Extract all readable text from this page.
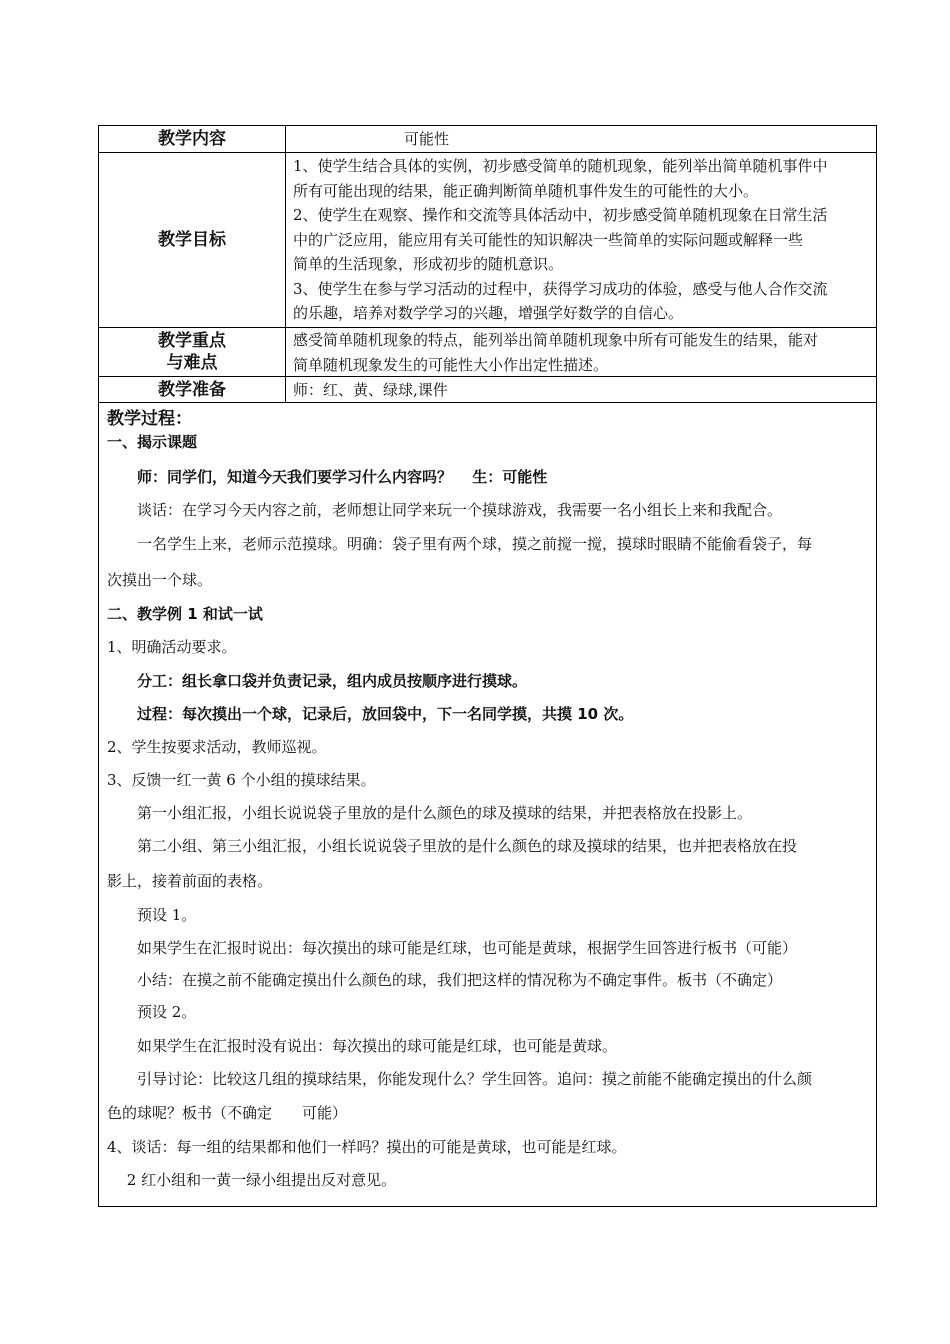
教学内容	可能性
教学目标

1、使学生结合具体的实例，初步感受简单的随机现象，能列举出简单随机事件中

所有可能出现的结果，能正确判断简单随机事件发生的可能性的大小。

2、使学生在观察、操作和交流等具体活动中，初步感受简单随机现象在日常生活

中的广泛应用，能应用有关可能性的知识解决一些简单的实际问题或解释一些

简单的生活现象，形成初步的随机意识。

3、使学生在参与学习活动的过程中，获得学习成功的体验，感受与他人合作交流

的乐趣，培养对数学学习的兴趣，增强学好数学的自信心。

教学重点
与难点

感受简单随机现象的特点，能列举出简单随机现象中所有可能发生的结果，能对

简单随机现象发生的可能性大小作出定性描述。

教学准备	师：红、黄、绿球,课件
教学过程：
一、揭示课题
　　师：同学们，知道今天我们要学习什么内容吗？　 生：可能性
　　谈话：在学习今天内容之前，老师想让同学来玩一个摸球游戏，我需要一名小组长上来和我配合。
　　一名学生上来，老师示范摸球。明确：袋子里有两个球，摸之前搅一搅，摸球时眼睛不能偷看袋子，每
次摸出一个球。
二、教学例 1 和试一试
1、明确活动要求。
　　分工：组长拿口袋并负责记录，组内成员按顺序进行摸球。
　　过程：每次摸出一个球，记录后，放回袋中，下一名同学摸，共摸 10 次。
2、学生按要求活动，教师巡视。
3、反馈一红一黄 6 个小组的摸球结果。
　　第一小组汇报，小组长说说袋子里放的是什么颜色的球及摸球的结果，并把表格放在投影上。
　　第二小组、第三小组汇报，小组长说说袋子里放的是什么颜色的球及摸球的结果，也并把表格放在投
影上，接着前面的表格。
　　预设 1。
　　如果学生在汇报时说出：每次摸出的球可能是红球，也可能是黄球，根据学生回答进行板书（可能）
　　小结：在摸之前不能确定摸出什么颜色的球，我们把这样的情况称为不确定事件。板书（不确定）
　　预设 2。
　　如果学生在汇报时没有说出：每次摸出的球可能是红球，也可能是黄球。
　　引导讨论：比较这几组的摸球结果，你能发现什么？学生回答。追问：摸之前能不能确定摸出的什么颜
色的球呢？板书（不确定　　可能）
4、谈话：每一组的结果都和他们一样吗？摸出的可能是黄球，也可能是红球。
　 2 红小组和一黄一绿小组提出反对意见。
